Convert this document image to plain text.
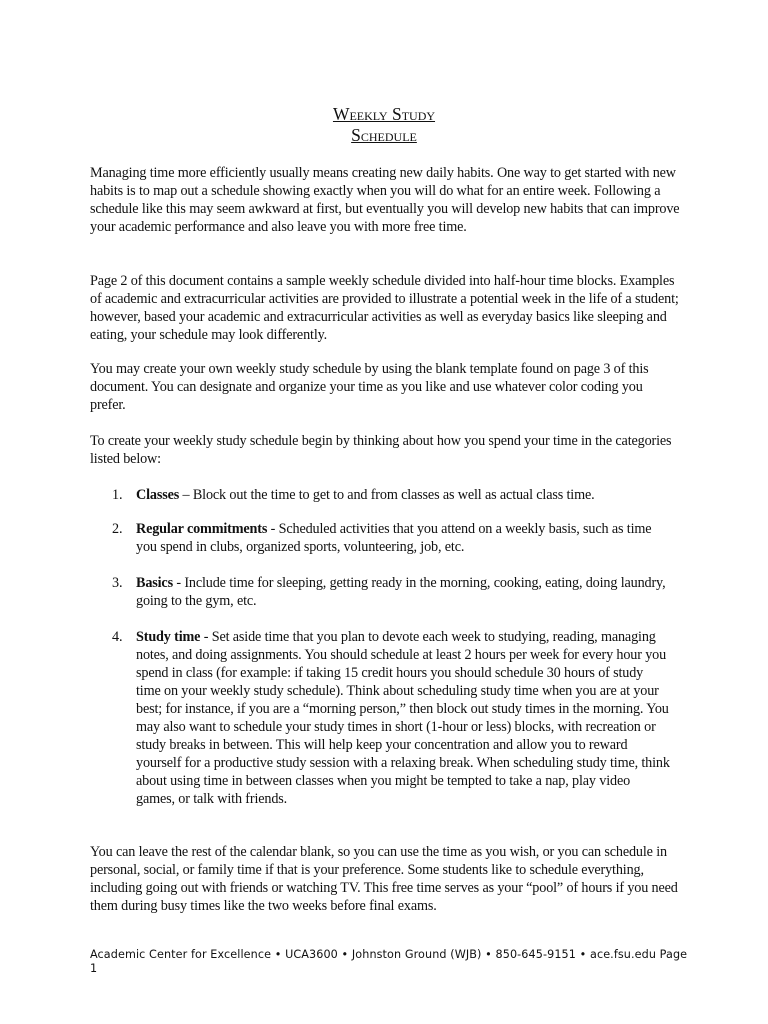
Weekly Study
Schedule
Managing time more efficiently usually means creating new daily habits. One way to get started with new habits is to map out a schedule showing exactly when you will do what for an entire week. Following a schedule like this may seem awkward at first, but eventually you will develop new habits that can improve your academic performance and also leave you with more free time.
Page 2 of this document contains a sample weekly schedule divided into half-hour time blocks. Examples of academic and extracurricular activities are provided to illustrate a potential week in the life of a student; however, based your academic and extracurricular activities as well as everyday basics like sleeping and eating, your schedule may look differently.
You may create your own weekly study schedule by using the blank template found on page 3 of this document. You can designate and organize your time as you like and use whatever color coding you prefer.
To create your weekly study schedule begin by thinking about how you spend your time in the categories listed below:
1. Classes – Block out the time to get to and from classes as well as actual class time.
2. Regular commitments - Scheduled activities that you attend on a weekly basis, such as time you spend in clubs, organized sports, volunteering, job, etc.
3. Basics - Include time for sleeping, getting ready in the morning, cooking, eating, doing laundry, going to the gym, etc.
4. Study time - Set aside time that you plan to devote each week to studying, reading, managing notes, and doing assignments. You should schedule at least 2 hours per week for every hour you spend in class (for example: if taking 15 credit hours you should schedule 30 hours of study time on your weekly study schedule). Think about scheduling study time when you are at your best; for instance, if you are a “morning person,” then block out study times in the morning. You may also want to schedule your study times in short (1-hour or less) blocks, with recreation or study breaks in between. This will help keep your concentration and allow you to reward yourself for a productive study session with a relaxing break. When scheduling study time, think about using time in between classes when you might be tempted to take a nap, play video games, or talk with friends.
You can leave the rest of the calendar blank, so you can use the time as you wish, or you can schedule in personal, social, or family time if that is your preference. Some students like to schedule everything, including going out with friends or watching TV. This free time serves as your “pool” of hours if you need them during busy times like the two weeks before final exams.
Academic Center for Excellence • UCA3600 • Johnston Ground (WJB) • 850-645-9151 • ace.fsu.edu Page 1
